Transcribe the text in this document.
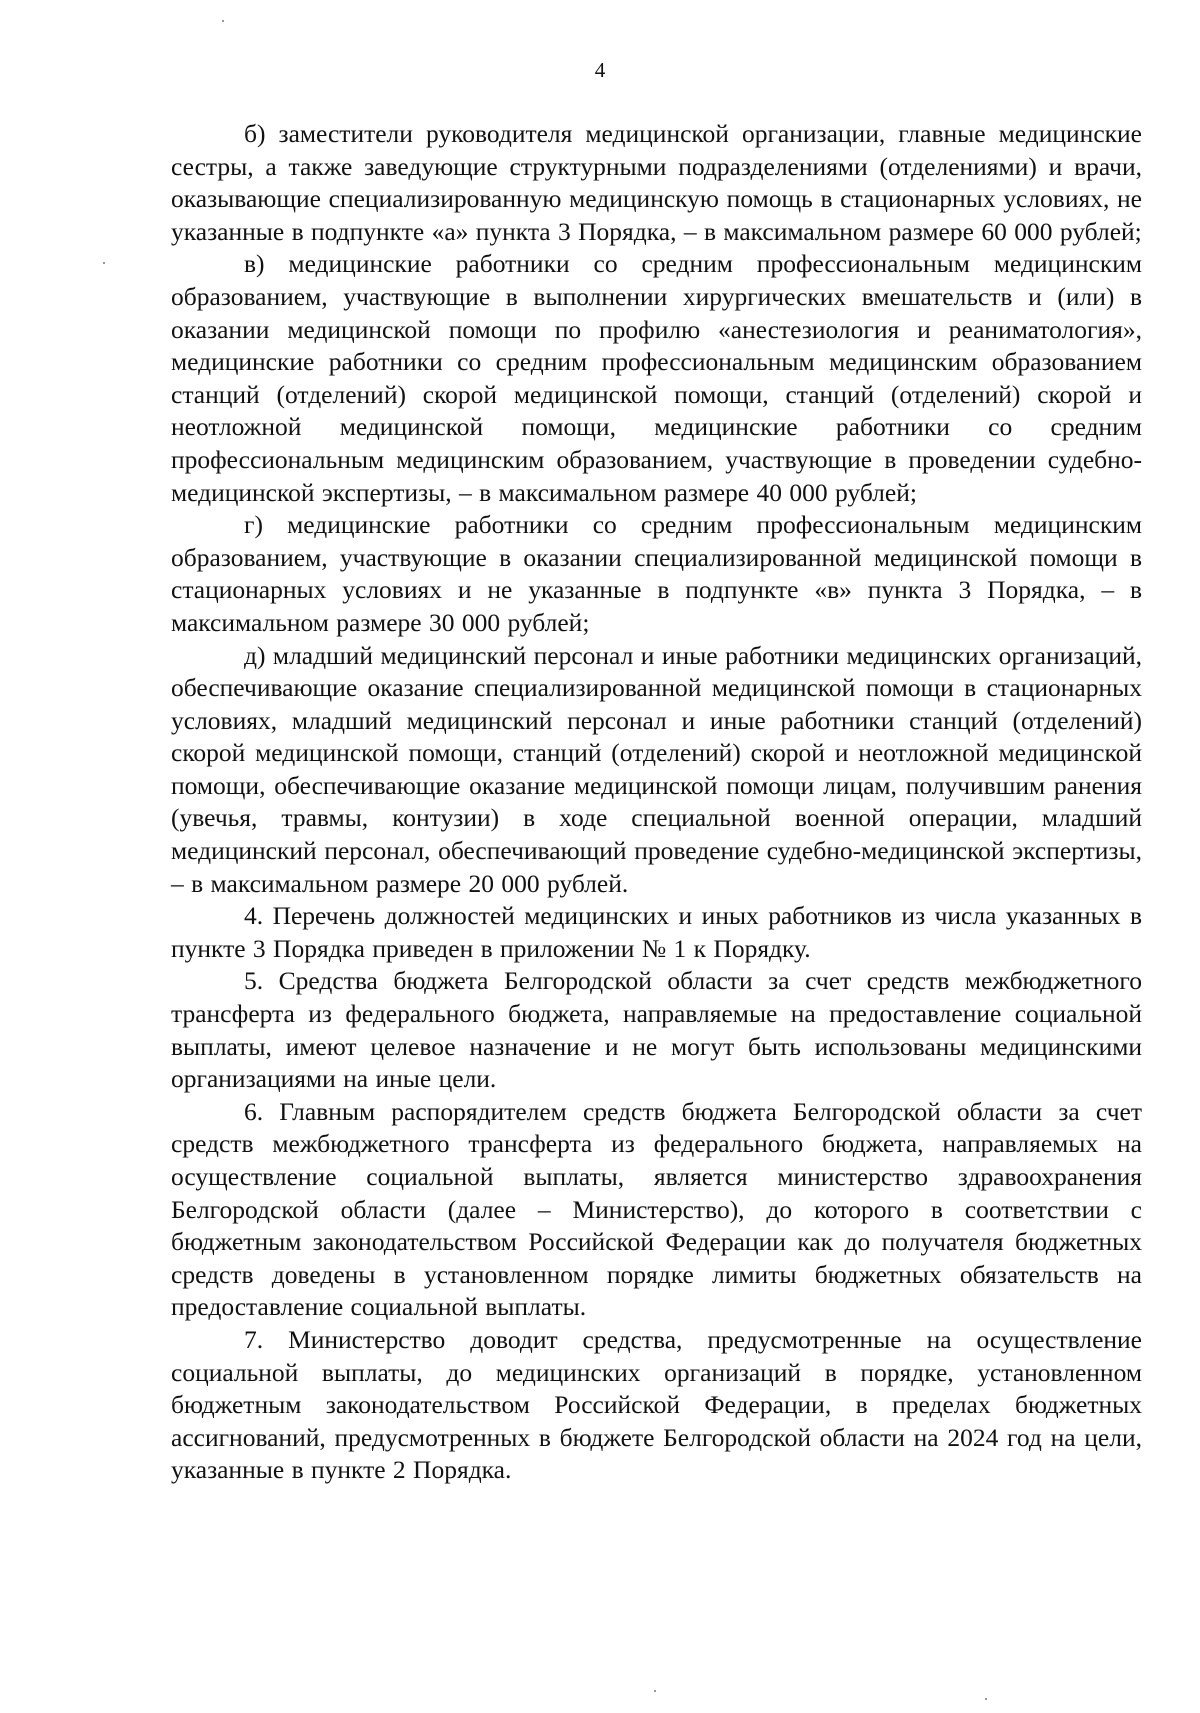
4

б) заместители руководителя медицинской организации, главные медицинские сестры, а также заведующие структурными подразделениями (отделениями) и врачи, оказывающие специализированную медицинскую помощь в стационарных условиях, не указанные в подпункте «а» пункта 3 Порядка, – в максимальном размере 60 000 рублей;

в) медицинские работники со средним профессиональным медицинским образованием, участвующие в выполнении хирургических вмешательств и (или) в оказании медицинской помощи по профилю «анестезиология и реаниматология», медицинские работники со средним профессиональным медицинским образованием станций (отделений) скорой медицинской помощи, станций (отделений) скорой и неотложной медицинской помощи, медицинские работники со средним профессиональным медицинским образованием, участвующие в проведении судебно-медицинской экспертизы, – в максимальном размере 40 000 рублей;

г) медицинские работники со средним профессиональным медицинским образованием, участвующие в оказании специализированной медицинской помощи в стационарных условиях и не указанные в подпункте «в» пункта 3 Порядка, – в максимальном размере 30 000 рублей;

д) младший медицинский персонал и иные работники медицинских организаций, обеспечивающие оказание специализированной медицинской помощи в стационарных условиях, младший медицинский персонал и иные работники станций (отделений) скорой медицинской помощи, станций (отделений) скорой и неотложной медицинской помощи, обеспечивающие оказание медицинской помощи лицам, получившим ранения (увечья, травмы, контузии) в ходе специальной военной операции, младший медицинский персонал, обеспечивающий проведение судебно-медицинской экспертизы, – в максимальном размере 20 000 рублей.

4. Перечень должностей медицинских и иных работников из числа указанных в пункте 3 Порядка приведен в приложении № 1 к Порядку.

5. Средства бюджета Белгородской области за счет средств межбюджетного трансферта из федерального бюджета, направляемые на предоставление социальной выплаты, имеют целевое назначение и не могут быть использованы медицинскими организациями на иные цели.

6. Главным распорядителем средств бюджета Белгородской области за счет средств межбюджетного трансферта из федерального бюджета, направляемых на осуществление социальной выплаты, является министерство здравоохранения Белгородской области (далее – Министерство), до которого в соответствии с бюджетным законодательством Российской Федерации как до получателя бюджетных средств доведены в установленном порядке лимиты бюджетных обязательств на предоставление социальной выплаты.

7. Министерство доводит средства, предусмотренные на осуществление социальной выплаты, до медицинских организаций в порядке, установленном бюджетным законодательством Российской Федерации, в пределах бюджетных ассигнований, предусмотренных в бюджете Белгородской области на 2024 год на цели, указанные в пункте 2 Порядка.
